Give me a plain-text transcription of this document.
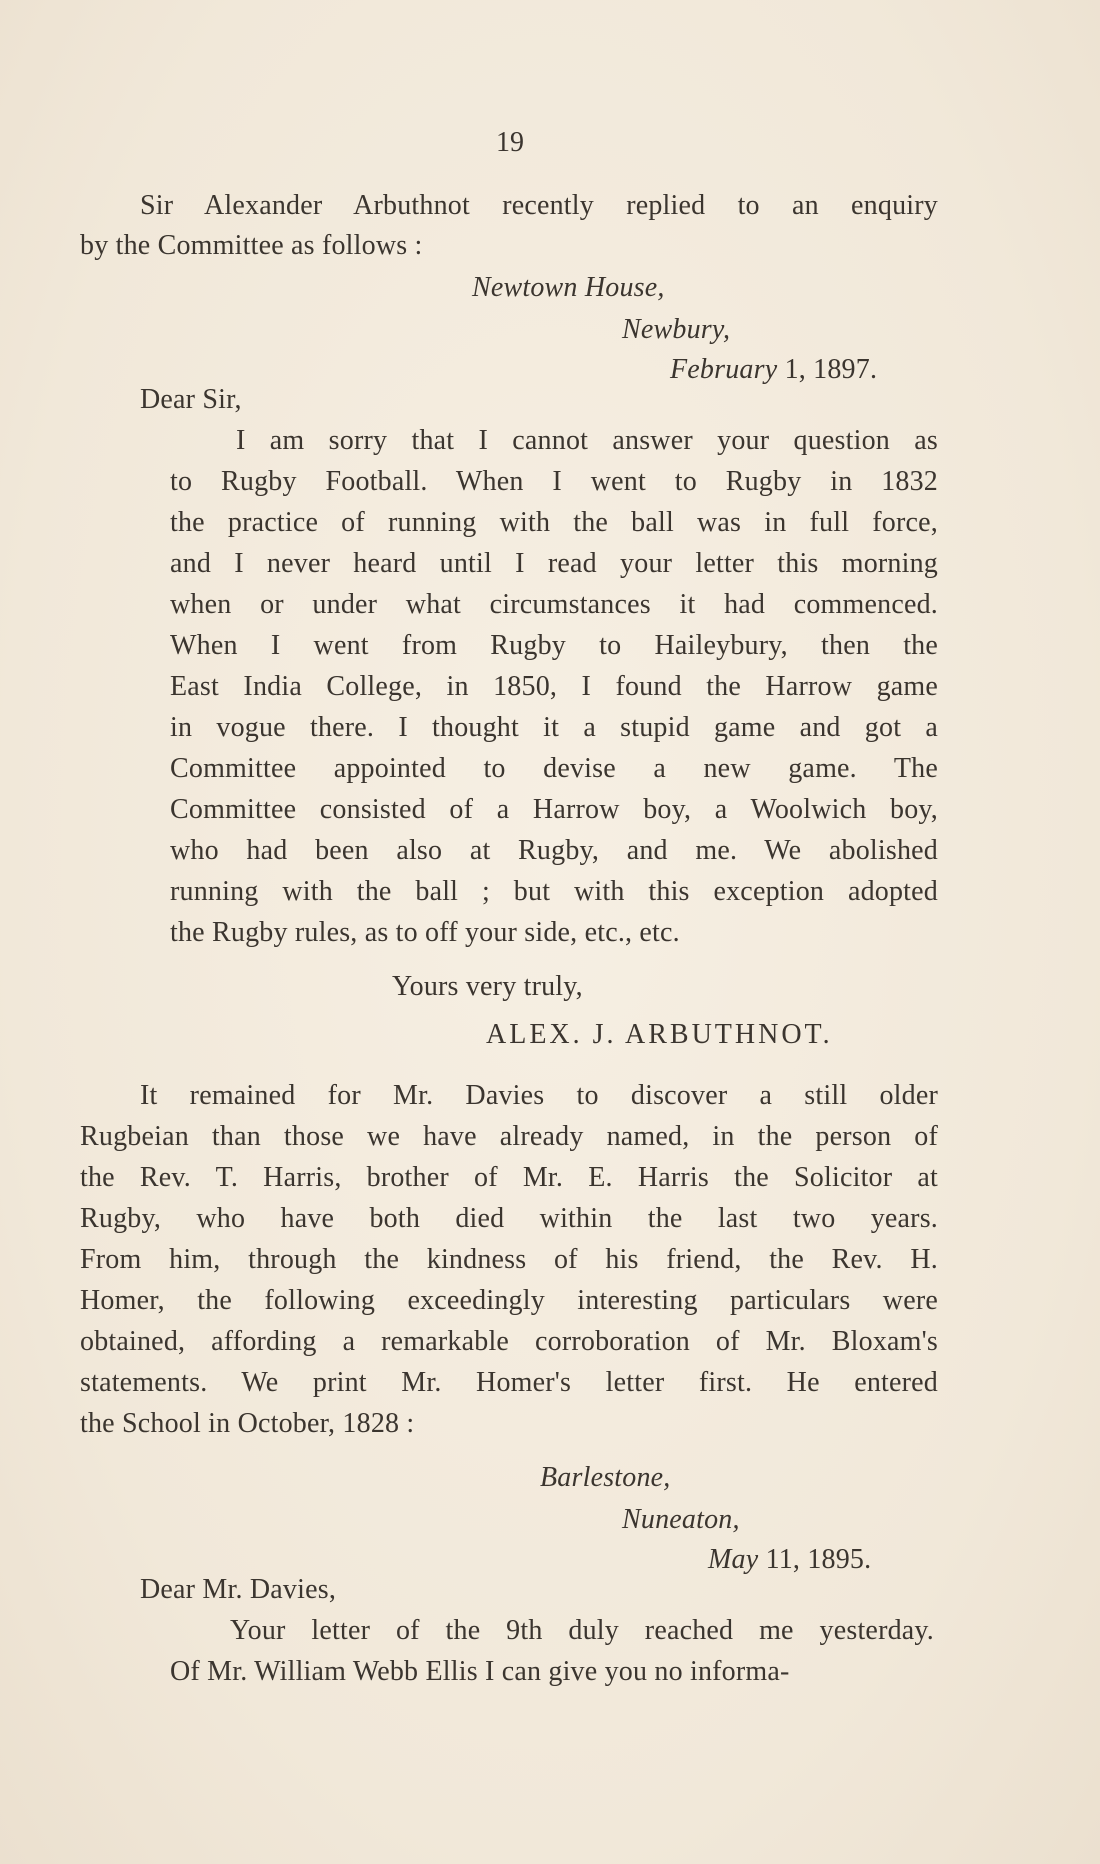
19
Sir Alexander Arbuthnot recently replied to an enquiry
by the Committee as follows :
Newtown House,
Newbury,
February 1, 1897.
Dear Sir,
I am sorry that I cannot answer your question as
to Rugby Football. When I went to Rugby in 1832
the practice of running with the ball was in full force,
and I never heard until I read your letter this morning
when or under what circumstances it had commenced.
When I went from Rugby to Haileybury, then the
East India College, in 1850, I found the Harrow game
in vogue there. I thought it a stupid game and got a
Committee appointed to devise a new game. The
Committee consisted of a Harrow boy, a Woolwich boy,
who had been also at Rugby, and me. We abolished
running with the ball ; but with this exception adopted
the Rugby rules, as to off your side, etc., etc.
Yours very truly,
ALEX. J. ARBUTHNOT.
It remained for Mr. Davies to discover a still older
Rugbeian than those we have already named, in the person of
the Rev. T. Harris, brother of Mr. E. Harris the Solicitor at
Rugby, who have both died within the last two years.
From him, through the kindness of his friend, the Rev. H.
Homer, the following exceedingly interesting particulars were
obtained, affording a remarkable corroboration of Mr. Bloxam's
statements. We print Mr. Homer's letter first. He entered
the School in October, 1828 :
Barlestone,
Nuneaton,
May 11, 1895.
Dear Mr. Davies,
Your letter of the 9th duly reached me yesterday.
Of Mr. William Webb Ellis I can give you no informa-
